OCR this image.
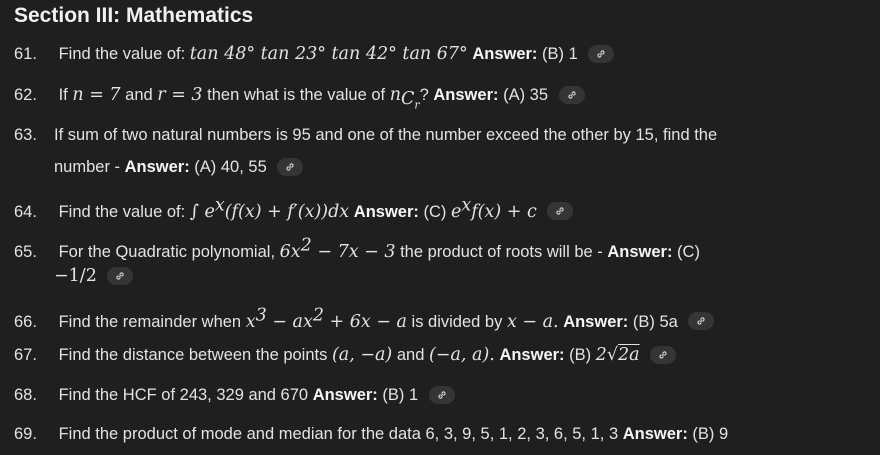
Section III: Mathematics
61. Find the value of: tan 48° tan 23° tan 42° tan 67° Answer: (B) 1
62. If n = 7 and r = 3 then what is the value of $n_{C_r}$? Answer: (A) 35
63. If sum of two natural numbers is 95 and one of the number exceed the other by 15, find the
number - Answer: (A) 40, 55
64. Find the value of: ∫ $e^x(f(x) + f'(x))dx$ Answer: (C) $e^xf(x) + c$
65. For the Quadratic polynomial, $6x^2 - 7x - 3$ the product of roots will be - Answer: (C)
−1/2
66. Find the remainder when $x^3 - ax^2 + 6x - a$ is divided by x − a. Answer: (B) 5a
67. Find the distance between the points (a, −a) and (−a, a). Answer: (B) 2√2a
68. Find the HCF of 243, 329 and 670 Answer: (B) 1
69. Find the product of mode and median for the data 6, 3, 9, 5, 1, 2, 3, 6, 5, 1, 3 Answer: (B) 9
